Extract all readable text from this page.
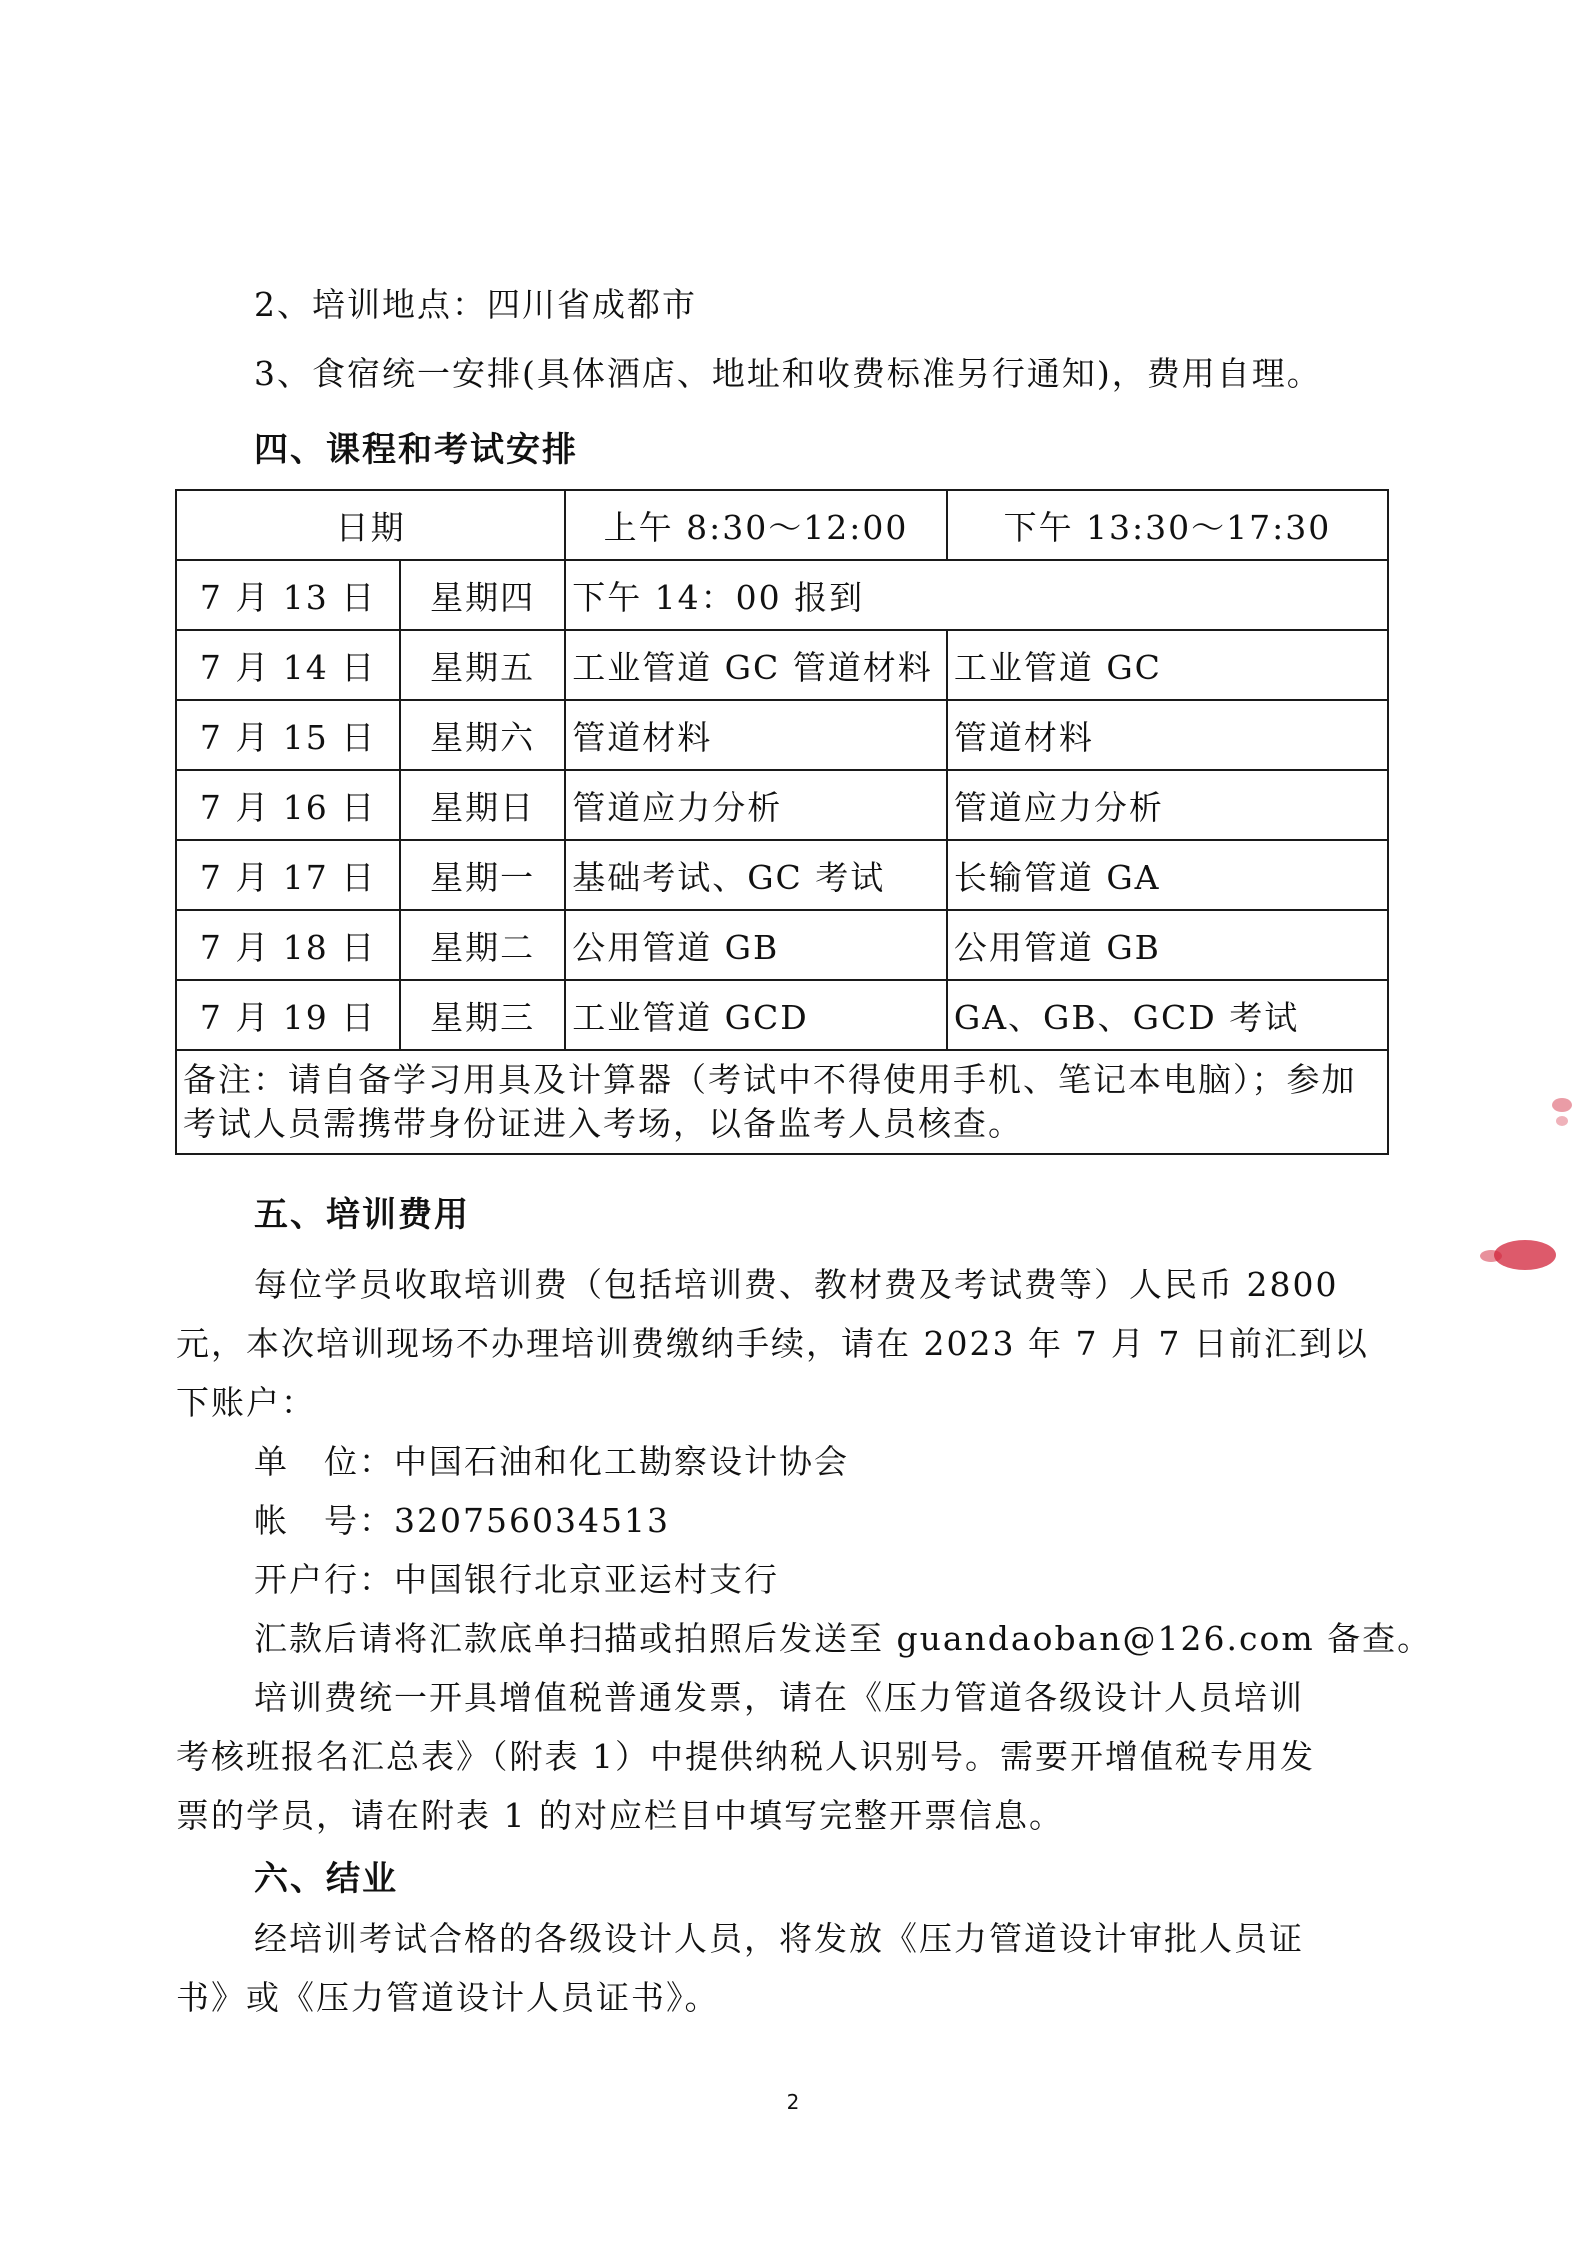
2、培训地点：四川省成都市
3、食宿统一安排(具体酒店、地址和收费标准另行通知)，费用自理。
四、课程和考试安排
日期		上午 8:30～12:00	下午 13:30～17:30
7 月 13 日	星期四	下午 14：00 报到	
7 月 14 日	星期五	工业管道 GC 管道材料	工业管道 GC
7 月 15 日	星期六	管道材料	管道材料
7 月 16 日	星期日	管道应力分析	管道应力分析
7 月 17 日	星期一	基础考试、GC 考试	长输管道 GA
7 月 18 日	星期二	公用管道 GB	公用管道 GB
7 月 19 日	星期三	工业管道 GCD	GA、GB、GCD 考试
备注：请自备学习用具及计算器（考试中不得使用手机、笔记本电脑）；参加考试人员需携带身份证进入考场，以备监考人员核查。			
五、培训费用
每位学员收取培训费（包括培训费、教材费及考试费等）人民币 2800
元，本次培训现场不办理培训费缴纳手续，请在 2023 年 7 月 7 日前汇到以
下账户：
单　位：中国石油和化工勘察设计协会
帐　号：320756034513
开户行：中国银行北京亚运村支行
汇款后请将汇款底单扫描或拍照后发送至 guandaoban@126.com 备查。
培训费统一开具增值税普通发票，请在《压力管道各级设计人员培训
考核班报名汇总表》（附表 1）中提供纳税人识别号。需要开增值税专用发
票的学员，请在附表 1 的对应栏目中填写完整开票信息。
六、结业
经培训考试合格的各级设计人员，将发放《压力管道设计审批人员证
书》或《压力管道设计人员证书》。
2
